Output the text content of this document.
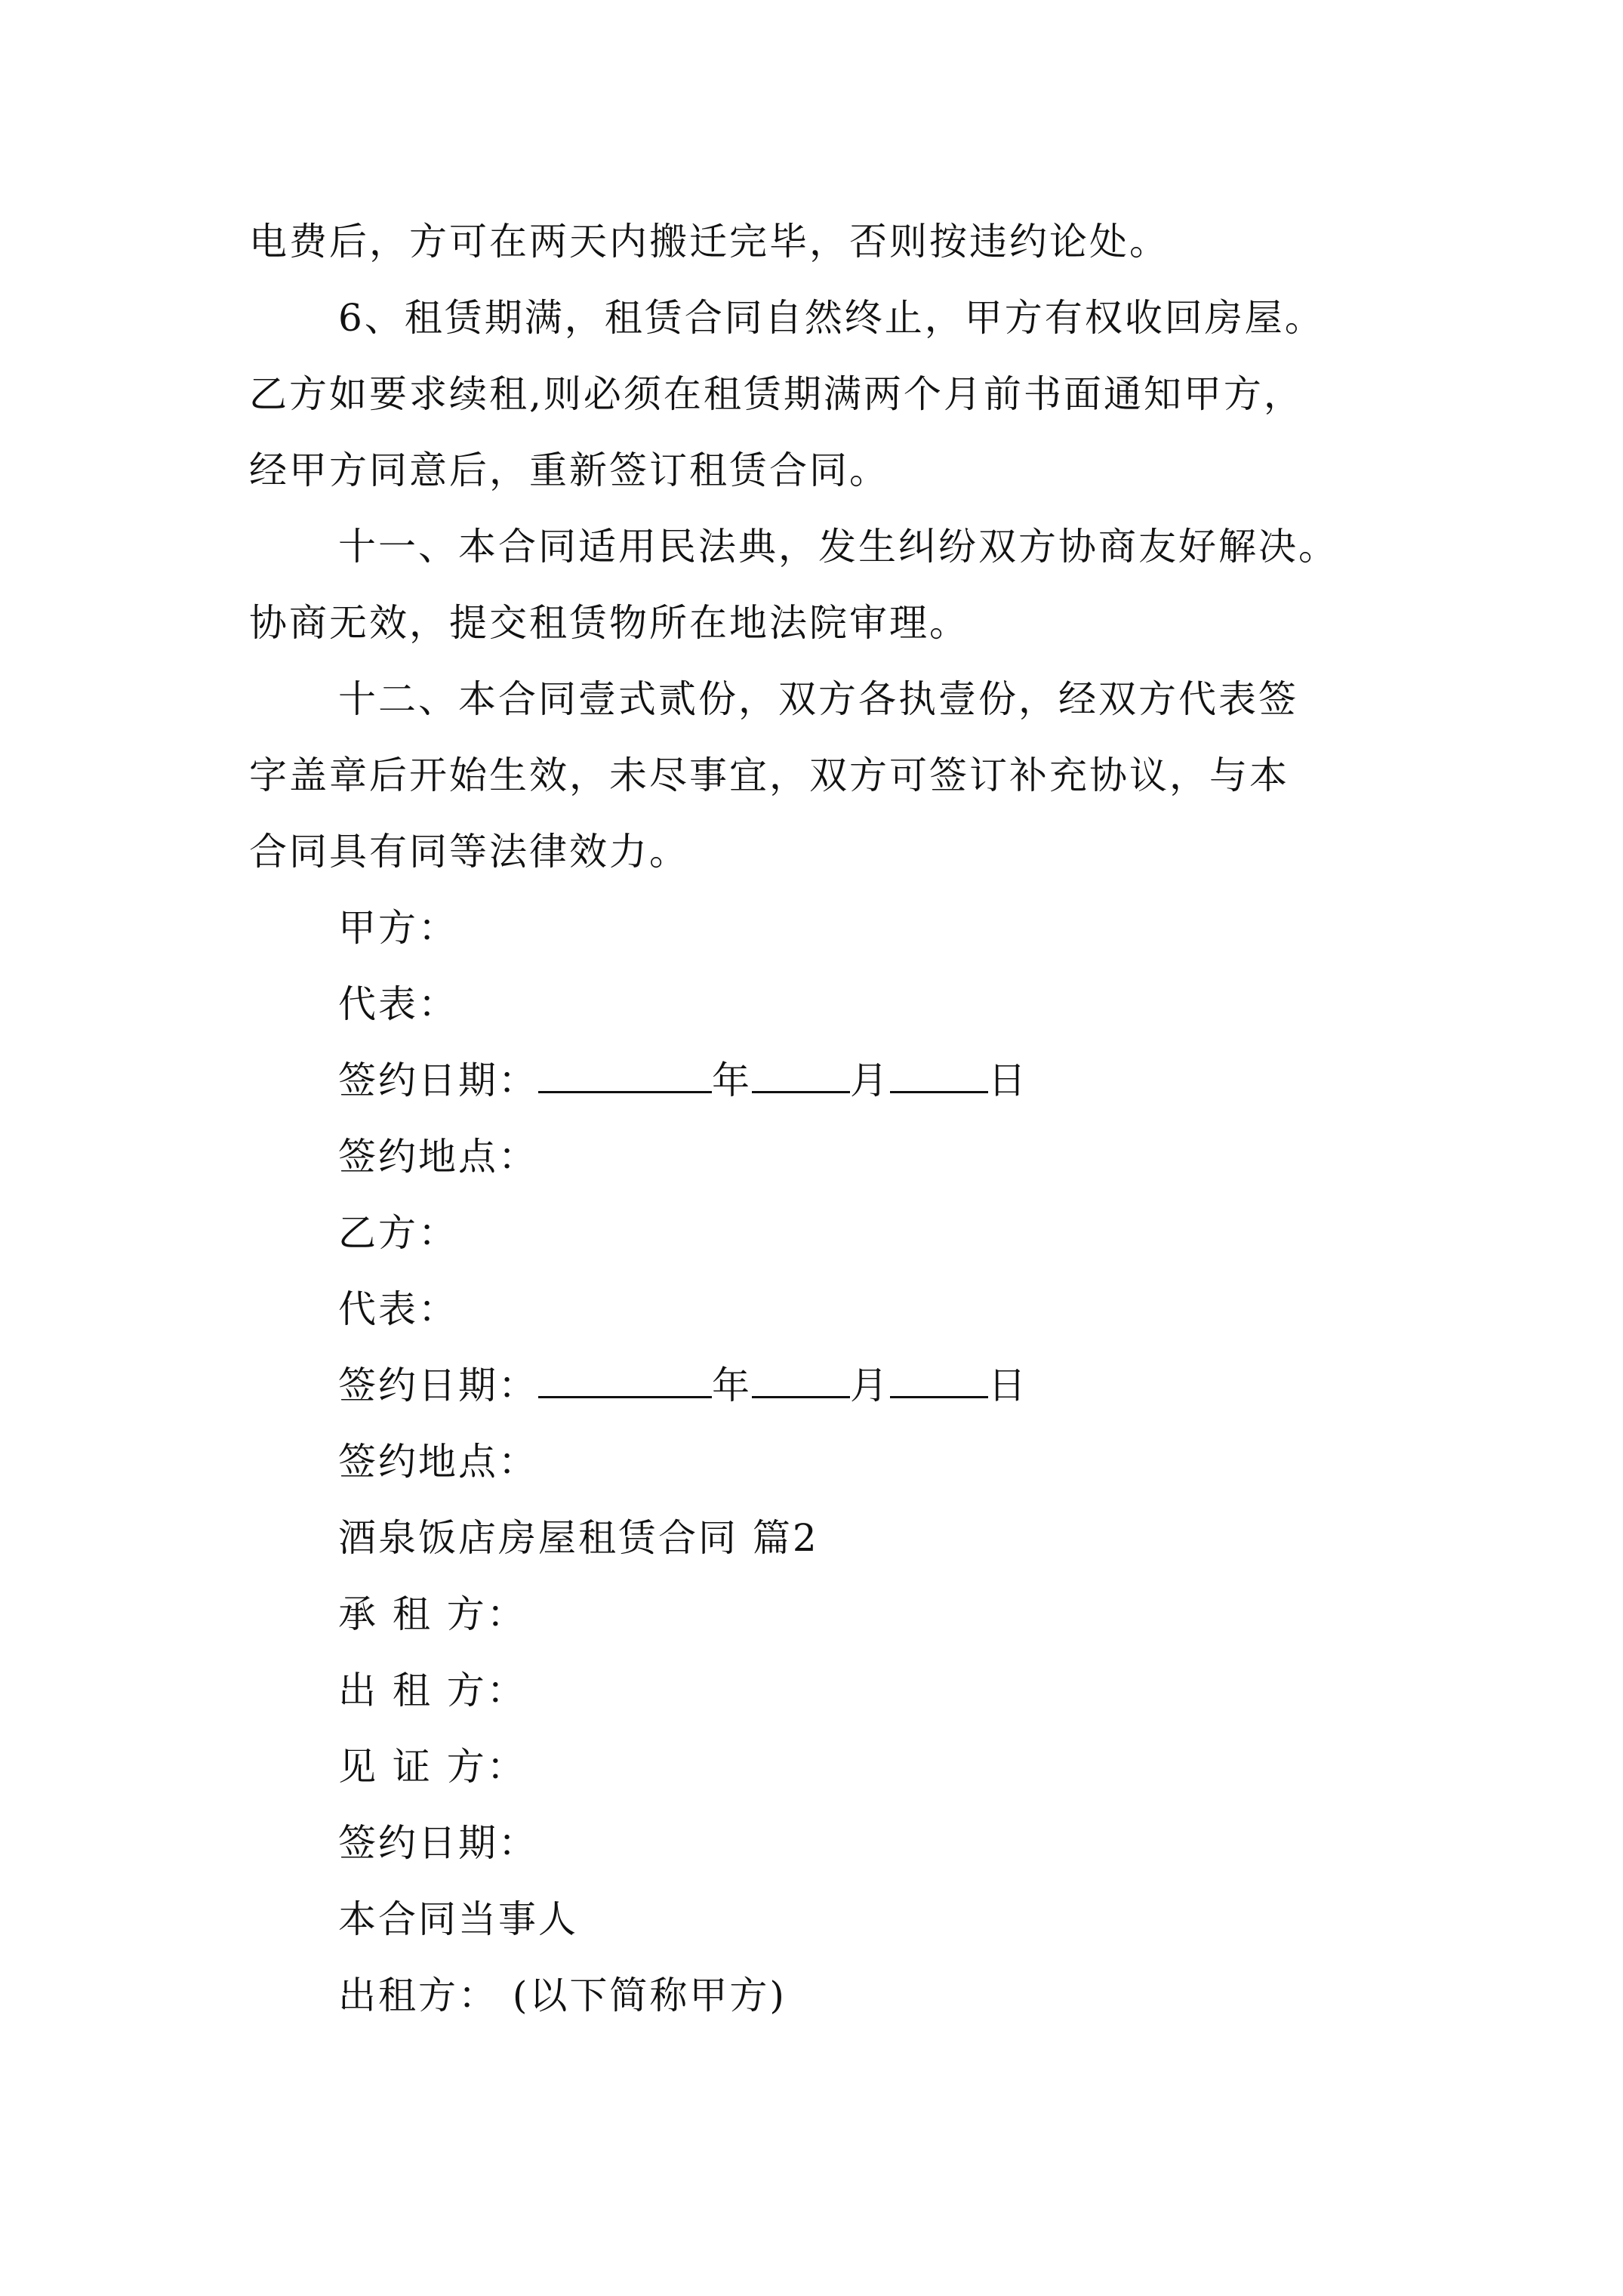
电费后，方可在两天内搬迁完毕，否则按违约论处。

6、租赁期满，租赁合同自然终止，甲方有权收回房屋。

乙方如要求续租,则必须在租赁期满两个月前书面通知甲方，

经甲方同意后，重新签订租赁合同。

十一、本合同适用民法典，发生纠纷双方协商友好解决。

协商无效，提交租赁物所在地法院审理。

十二、本合同壹式贰份，双方各执壹份，经双方代表签

字盖章后开始生效，未尽事宜，双方可签订补充协议，与本

合同具有同等法律效力。

甲方：

代表：

签约日期：	年	月	日

签约地点：

乙方：

代表：

签约日期：	年	月	日

签约地点：

酒泉饭店房屋租赁合同 篇2

承 租 方：

出 租 方：

见 证 方：

签约日期：

本合同当事人

出租方： (以下简称甲方)
